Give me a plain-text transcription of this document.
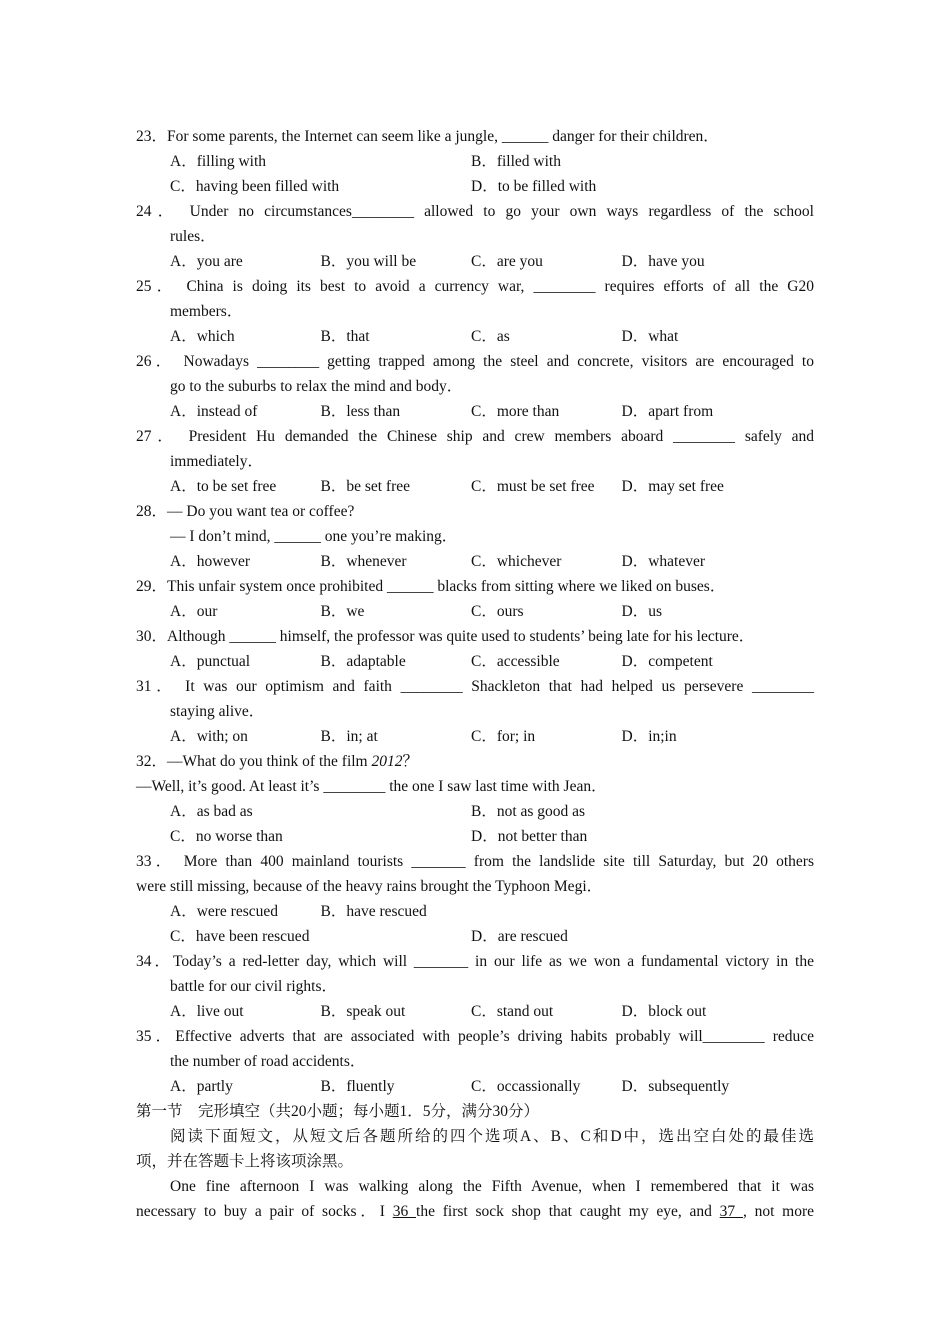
23．For some parents, the Internet can seem like a jungle, ______ danger for their children．
A．filling with	B．filled with
C．having been filled with	D．to be filled with
24． Under no circumstances________ allowed to go your own ways regardless of the school
rules．
A．you are	B．you will be	C．are you	D．have you
25． China is doing its best to avoid a currency war, ________ requires efforts of all the G20
members．
A．which	B．that	C．as	D．what
26． Nowadays ________ getting trapped among the steel and concrete, visitors are encouraged to
go to the suburbs to relax the mind and body．
A．instead of	B．less than	C．more than	D．apart from
27． President Hu demanded the Chinese ship and crew members aboard ________ safely and
immediately．
A．to be set free	B．be set free	C．must be set free	D．may set free
28．— Do you want tea or coffee?
— I don’t mind, ______ one you’re making．
A．however	B．whenever	C．whichever	D．whatever
29．This unfair system once prohibited ______ blacks from sitting where we liked on buses．
A．our	B．we	C．ours	D．us
30．Although ______ himself, the professor was quite used to students’ being late for his lecture．
A．punctual	B．adaptable	C．accessible	D．competent
31． It was our optimism and faith ________ Shackleton that had helped us persevere ________
staying alive．
A．with; on	B．in; at	C．for; in	D．in;in
32．—What do you think of the film 2012？
—Well, it’s good. At least it’s ________ the one I saw last time with Jean．
A．as bad as	B．not as good as
C．no worse than	D．not better than
33． More than 400 mainland tourists _______ from the landslide site till Saturday, but 20 others
were still missing, because of the heavy rains brought the Typhoon Megi．
A．were rescued	B．have rescued
C．have been rescued	D．are rescued
34．Today’s a red-letter day, which will _______ in our life as we won a fundamental victory in the
battle for our civil rights．
A．live out	B．speak out	C．stand out	D．block out
35．Effective adverts that are associated with people’s driving habits probably will________ reduce
the number of road accidents．
A．partly	B．fluently	C．occassionally	D．subsequently
第一节　完形填空（共20小题；每小题1．5分，满分30分）
阅读下面短文，从短文后各题所给的四个选项A、B、C和D中，选出空白处的最佳选
项，并在答题卡上将该项涂黑。
One fine afternoon I was walking along the Fifth Avenue, when I remembered that it was
necessary to buy a pair of socks．I 36 the first sock shop that caught my eye, and 37 , not more
